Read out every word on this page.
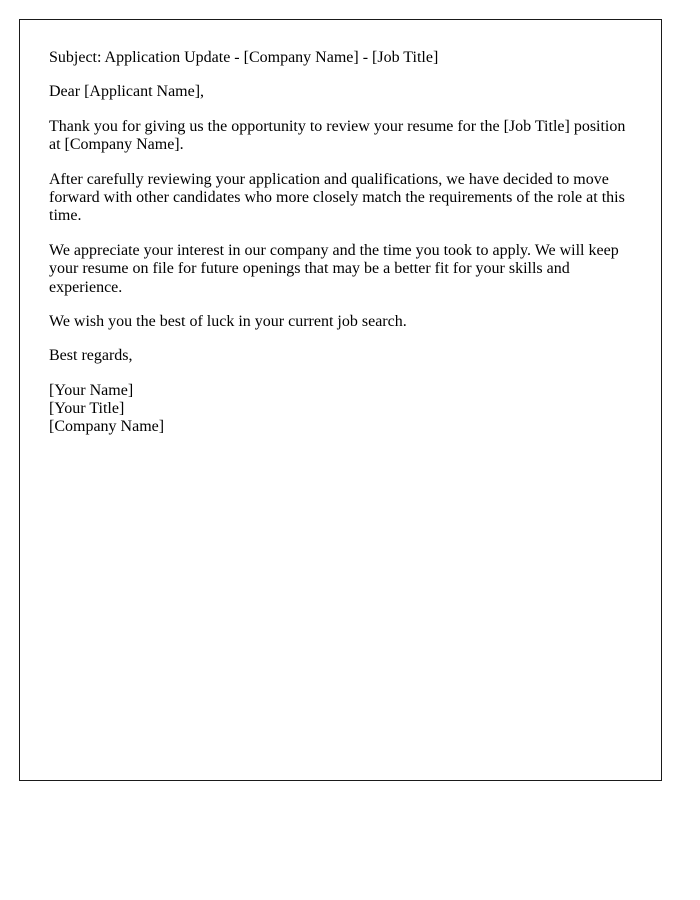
Subject: Application Update - [Company Name] - [Job Title]

Dear [Applicant Name],

Thank you for giving us the opportunity to review your resume for the [Job Title] position at [Company Name].

After carefully reviewing your application and qualifications, we have decided to move forward with other candidates who more closely match the requirements of the role at this time.

We appreciate your interest in our company and the time you took to apply. We will keep your resume on file for future openings that may be a better fit for your skills and experience.

We wish you the best of luck in your current job search.

Best regards,

[Your Name]
[Your Title]
[Company Name]
